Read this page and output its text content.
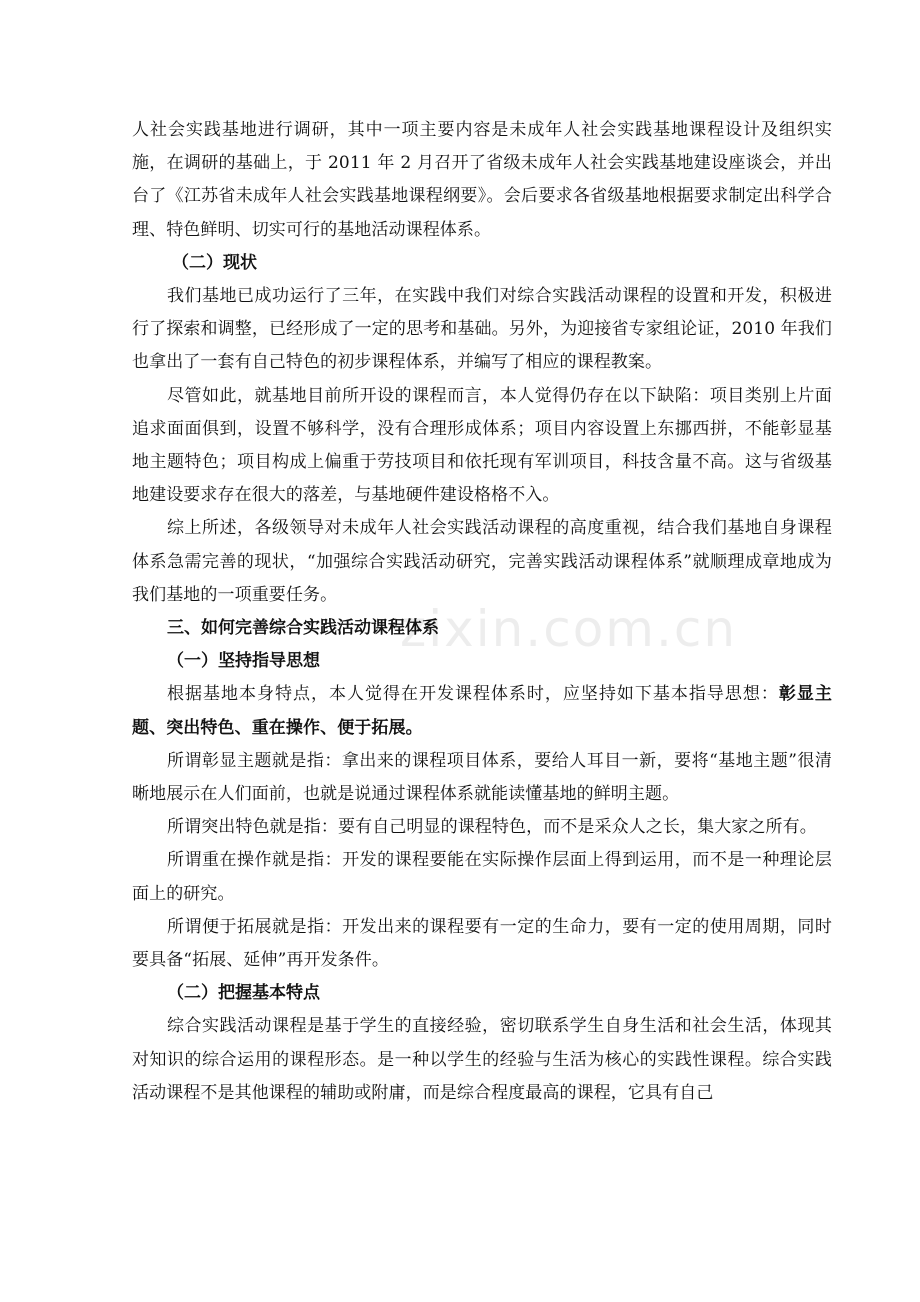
zixin.com.cn

人社会实践基地进行调研，其中一项主要内容是未成年人社会实践基地课程设计及组织实施，在调研的基础上，于 2011 年 2 月召开了省级未成年人社会实践基地建设座谈会，并出台了《江苏省未成年人社会实践基地课程纲要》。会后要求各省级基地根据要求制定出科学合理、特色鲜明、切实可行的基地活动课程体系。

（二）现状

我们基地已成功运行了三年，在实践中我们对综合实践活动课程的设置和开发，积极进行了探索和调整，已经形成了一定的思考和基础。另外，为迎接省专家组论证，2010 年我们也拿出了一套有自己特色的初步课程体系，并编写了相应的课程教案。

尽管如此，就基地目前所开设的课程而言，本人觉得仍存在以下缺陷：项目类别上片面追求面面俱到，设置不够科学，没有合理形成体系；项目内容设置上东挪西拼，不能彰显基地主题特色；项目构成上偏重于劳技项目和依托现有军训项目，科技含量不高。这与省级基地建设要求存在很大的落差，与基地硬件建设格格不入。

综上所述，各级领导对未成年人社会实践活动课程的高度重视，结合我们基地自身课程体系急需完善的现状，“加强综合实践活动研究，完善实践活动课程体系”就顺理成章地成为我们基地的一项重要任务。

三、如何完善综合实践活动课程体系

（一）坚持指导思想

根据基地本身特点，本人觉得在开发课程体系时，应坚持如下基本指导思想：彰显主题、突出特色、重在操作、便于拓展。

所谓彰显主题就是指：拿出来的课程项目体系，要给人耳目一新，要将“基地主题”很清晰地展示在人们面前，也就是说通过课程体系就能读懂基地的鲜明主题。

所谓突出特色就是指：要有自己明显的课程特色，而不是采众人之长，集大家之所有。

所谓重在操作就是指：开发的课程要能在实际操作层面上得到运用，而不是一种理论层面上的研究。

所谓便于拓展就是指：开发出来的课程要有一定的生命力，要有一定的使用周期，同时要具备“拓展、延伸”再开发条件。

（二）把握基本特点

综合实践活动课程是基于学生的直接经验，密切联系学生自身生活和社会生活，体现其对知识的综合运用的课程形态。是一种以学生的经验与生活为核心的实践性课程。综合实践活动课程不是其他课程的辅助或附庸，而是综合程度最高的课程，它具有自己
